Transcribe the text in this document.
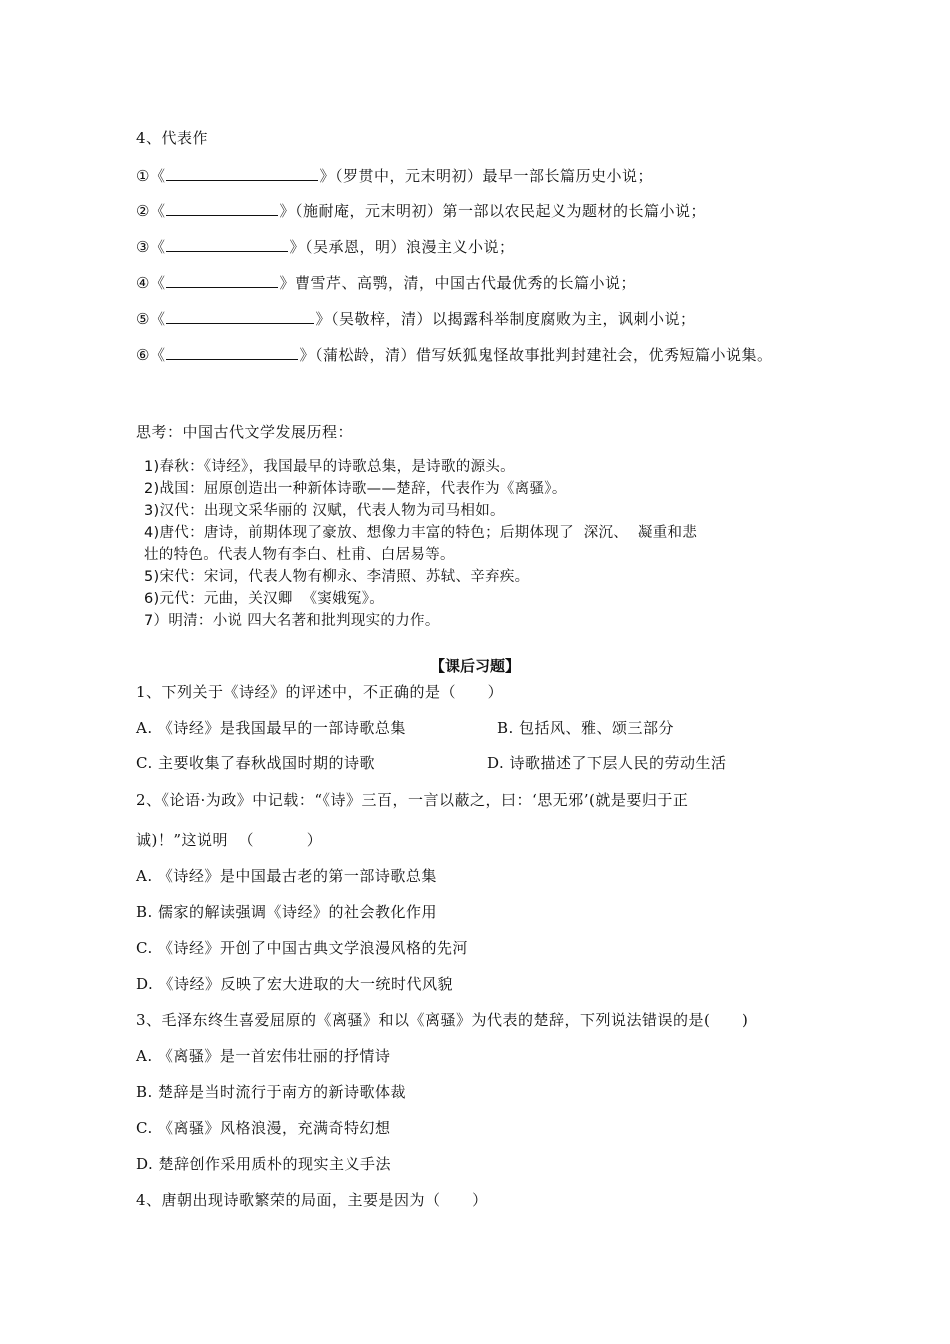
4、代表作
①《	》（罗贯中，元末明初）最早一部长篇历史小说；
②《	》（施耐庵，元末明初）第一部以农民起义为题材的长篇小说；
③《	》（吴承恩，明）浪漫主义小说；
④《	》曹雪芹、高鹗，清，中国古代最优秀的长篇小说；
⑤《	》（吴敬梓，清）以揭露科举制度腐败为主，讽刺小说；
⑥《	》（蒲松龄，清）借写妖狐鬼怪故事批判封建社会，优秀短篇小说集。
思考：中国古代文学发展历程：
1)春秋：《诗经》，我国最早的诗歌总集，是诗歌的源头。
2)战国：屈原创造出一种新体诗歌——楚辞，代表作为《离骚》。
3)汉代：出现文采华丽的 汉赋，代表人物为司马相如。
4)唐代：唐诗，前期体现了豪放、想像力丰富的特色；后期体现了  深沉、  凝重和悲
壮的特色。代表人物有李白、杜甫、白居易等。
5)宋代：宋词，代表人物有柳永、李清照、苏轼、辛弃疾。
6)元代：元曲，关汉卿  《窦娥冤》。
7）明清：小说 四大名著和批判现实的力作。
【课后习题】
1、下列关于《诗经》的评述中，不正确的是（      ）
A. 《诗经》是我国最早的一部诗歌总集	B. 包括风、雅、颂三部分
C. 主要收集了春秋战国时期的诗歌	D. 诗歌描述了下层人民的劳动生活
2、《论语·为政》中记载：“《诗》三百，一言以蔽之，曰：‘思无邪’(就是要归于正
诚)！”这说明  （          ）
A. 《诗经》是中国最古老的第一部诗歌总集
B. 儒家的解读强调《诗经》的社会教化作用
C. 《诗经》开创了中国古典文学浪漫风格的先河
D. 《诗经》反映了宏大进取的大一统时代风貌
3、毛泽东终生喜爱屈原的《离骚》和以《离骚》为代表的楚辞，下列说法错误的是(      )
A. 《离骚》是一首宏伟壮丽的抒情诗
B. 楚辞是当时流行于南方的新诗歌体裁
C. 《离骚》风格浪漫，充满奇特幻想
D. 楚辞创作采用质朴的现实主义手法
4、唐朝出现诗歌繁荣的局面，主要是因为（      ）
